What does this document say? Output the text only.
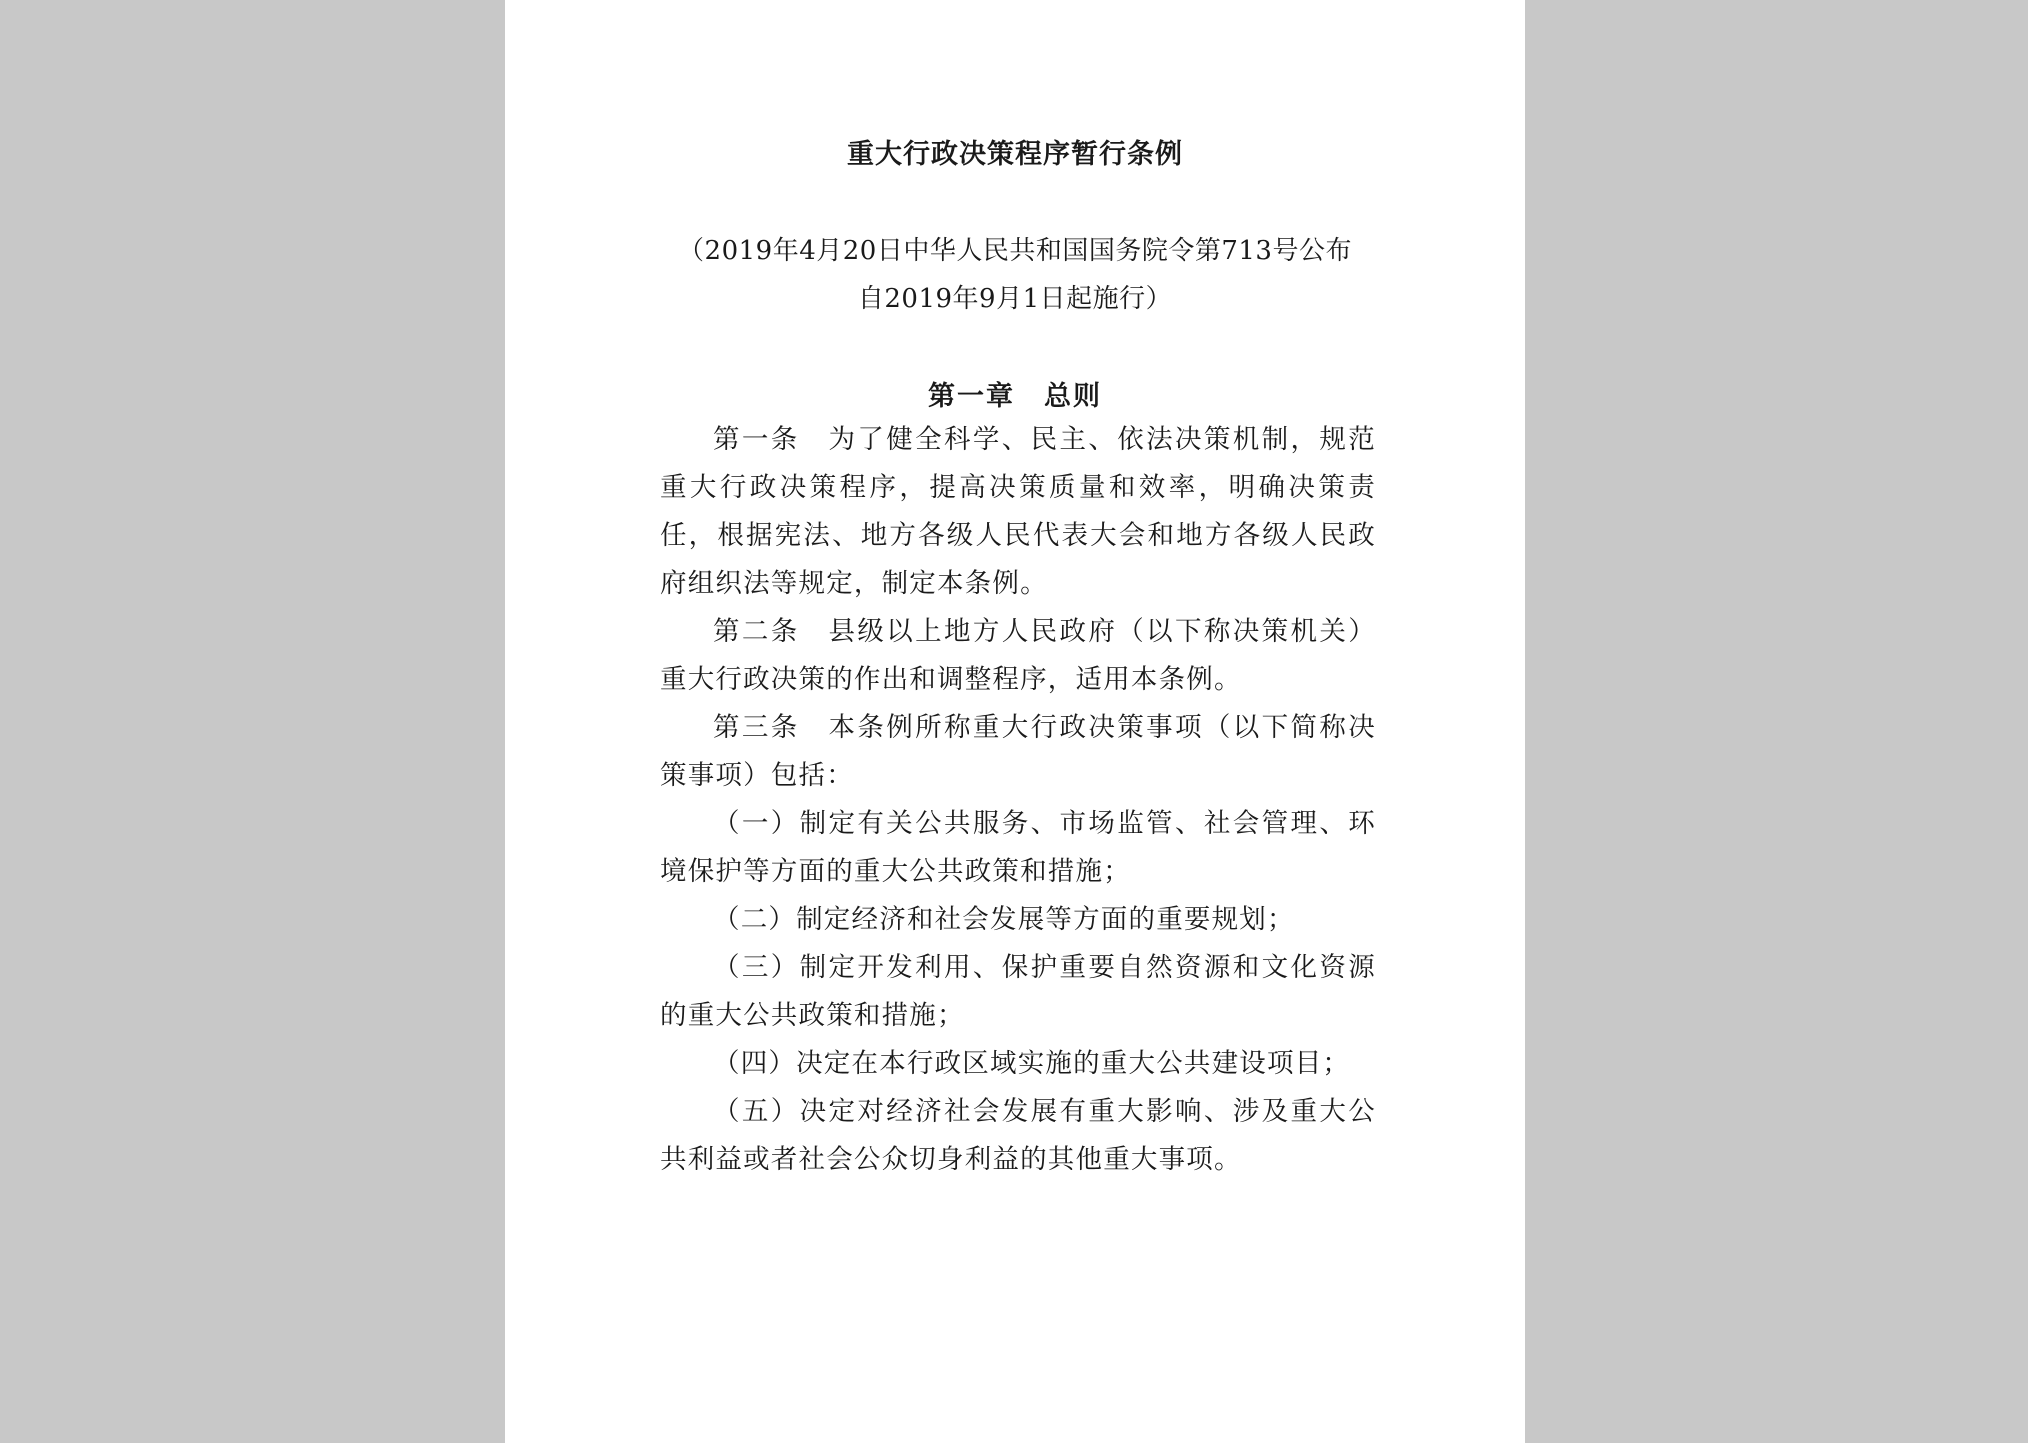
重大行政决策程序暂行条例
（2019年4月20日中华人民共和国国务院令第713号公布
自2019年9月1日起施行）
第一章　总则

第一条　为了健全科学、民主、依法决策机制，规范重大行政决策程序，提高决策质量和效率，明确决策责任，根据宪法、地方各级人民代表大会和地方各级人民政府组织法等规定，制定本条例。

第二条　县级以上地方人民政府（以下称决策机关）重大行政决策的作出和调整程序，适用本条例。

第三条　本条例所称重大行政决策事项（以下简称决策事项）包括：

（一）制定有关公共服务、市场监管、社会管理、环境保护等方面的重大公共政策和措施；

（二）制定经济和社会发展等方面的重要规划；

（三）制定开发利用、保护重要自然资源和文化资源的重大公共政策和措施；

（四）决定在本行政区域实施的重大公共建设项目；

（五）决定对经济社会发展有重大影响、涉及重大公共利益或者社会公众切身利益的其他重大事项。
